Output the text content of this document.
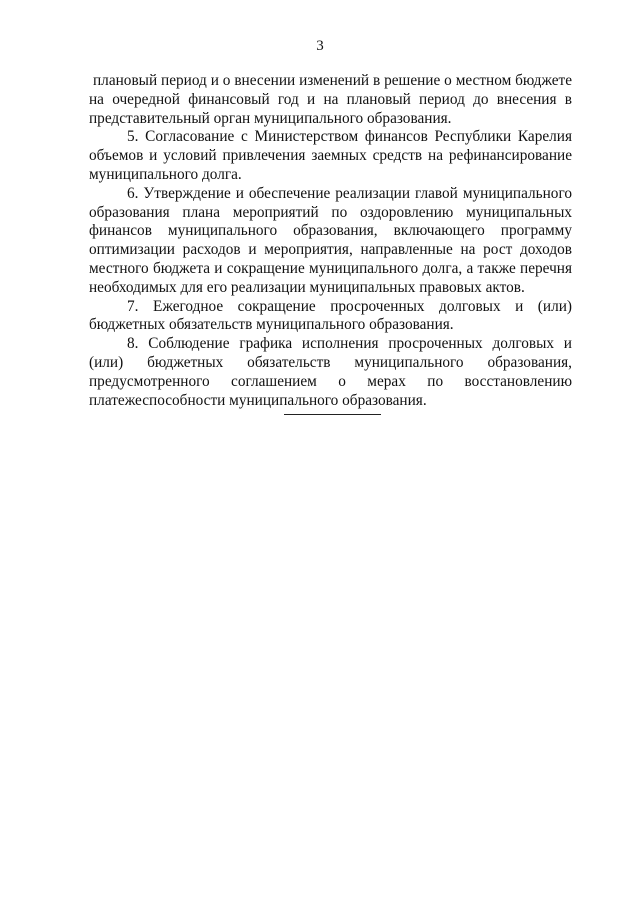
3

плановый период и о внесении изменений в решение о местном бюджете на очередной финансовый год и на плановый период до внесения в представительный орган муниципального образования.

5. Согласование с Министерством финансов Республики Карелия объемов и условий привлечения заемных средств на рефинансирование муниципального долга.

6. Утверждение и обеспечение реализации главой муниципального образования плана мероприятий по оздоровлению муниципальных финансов муниципального образования, включающего программу оптимизации расходов и мероприятия, направленные на рост доходов местного бюджета и сокращение муниципального долга, а также перечня необходимых для его реализации муниципальных правовых актов.

7. Ежегодное сокращение просроченных долговых и (или) бюджетных обязательств муниципального образования.

8. Соблюдение графика исполнения просроченных долговых и (или) бюджетных обязательств муниципального образования, предусмотренного соглашением о мерах по восстановлению платежеспособности муниципального образования.
